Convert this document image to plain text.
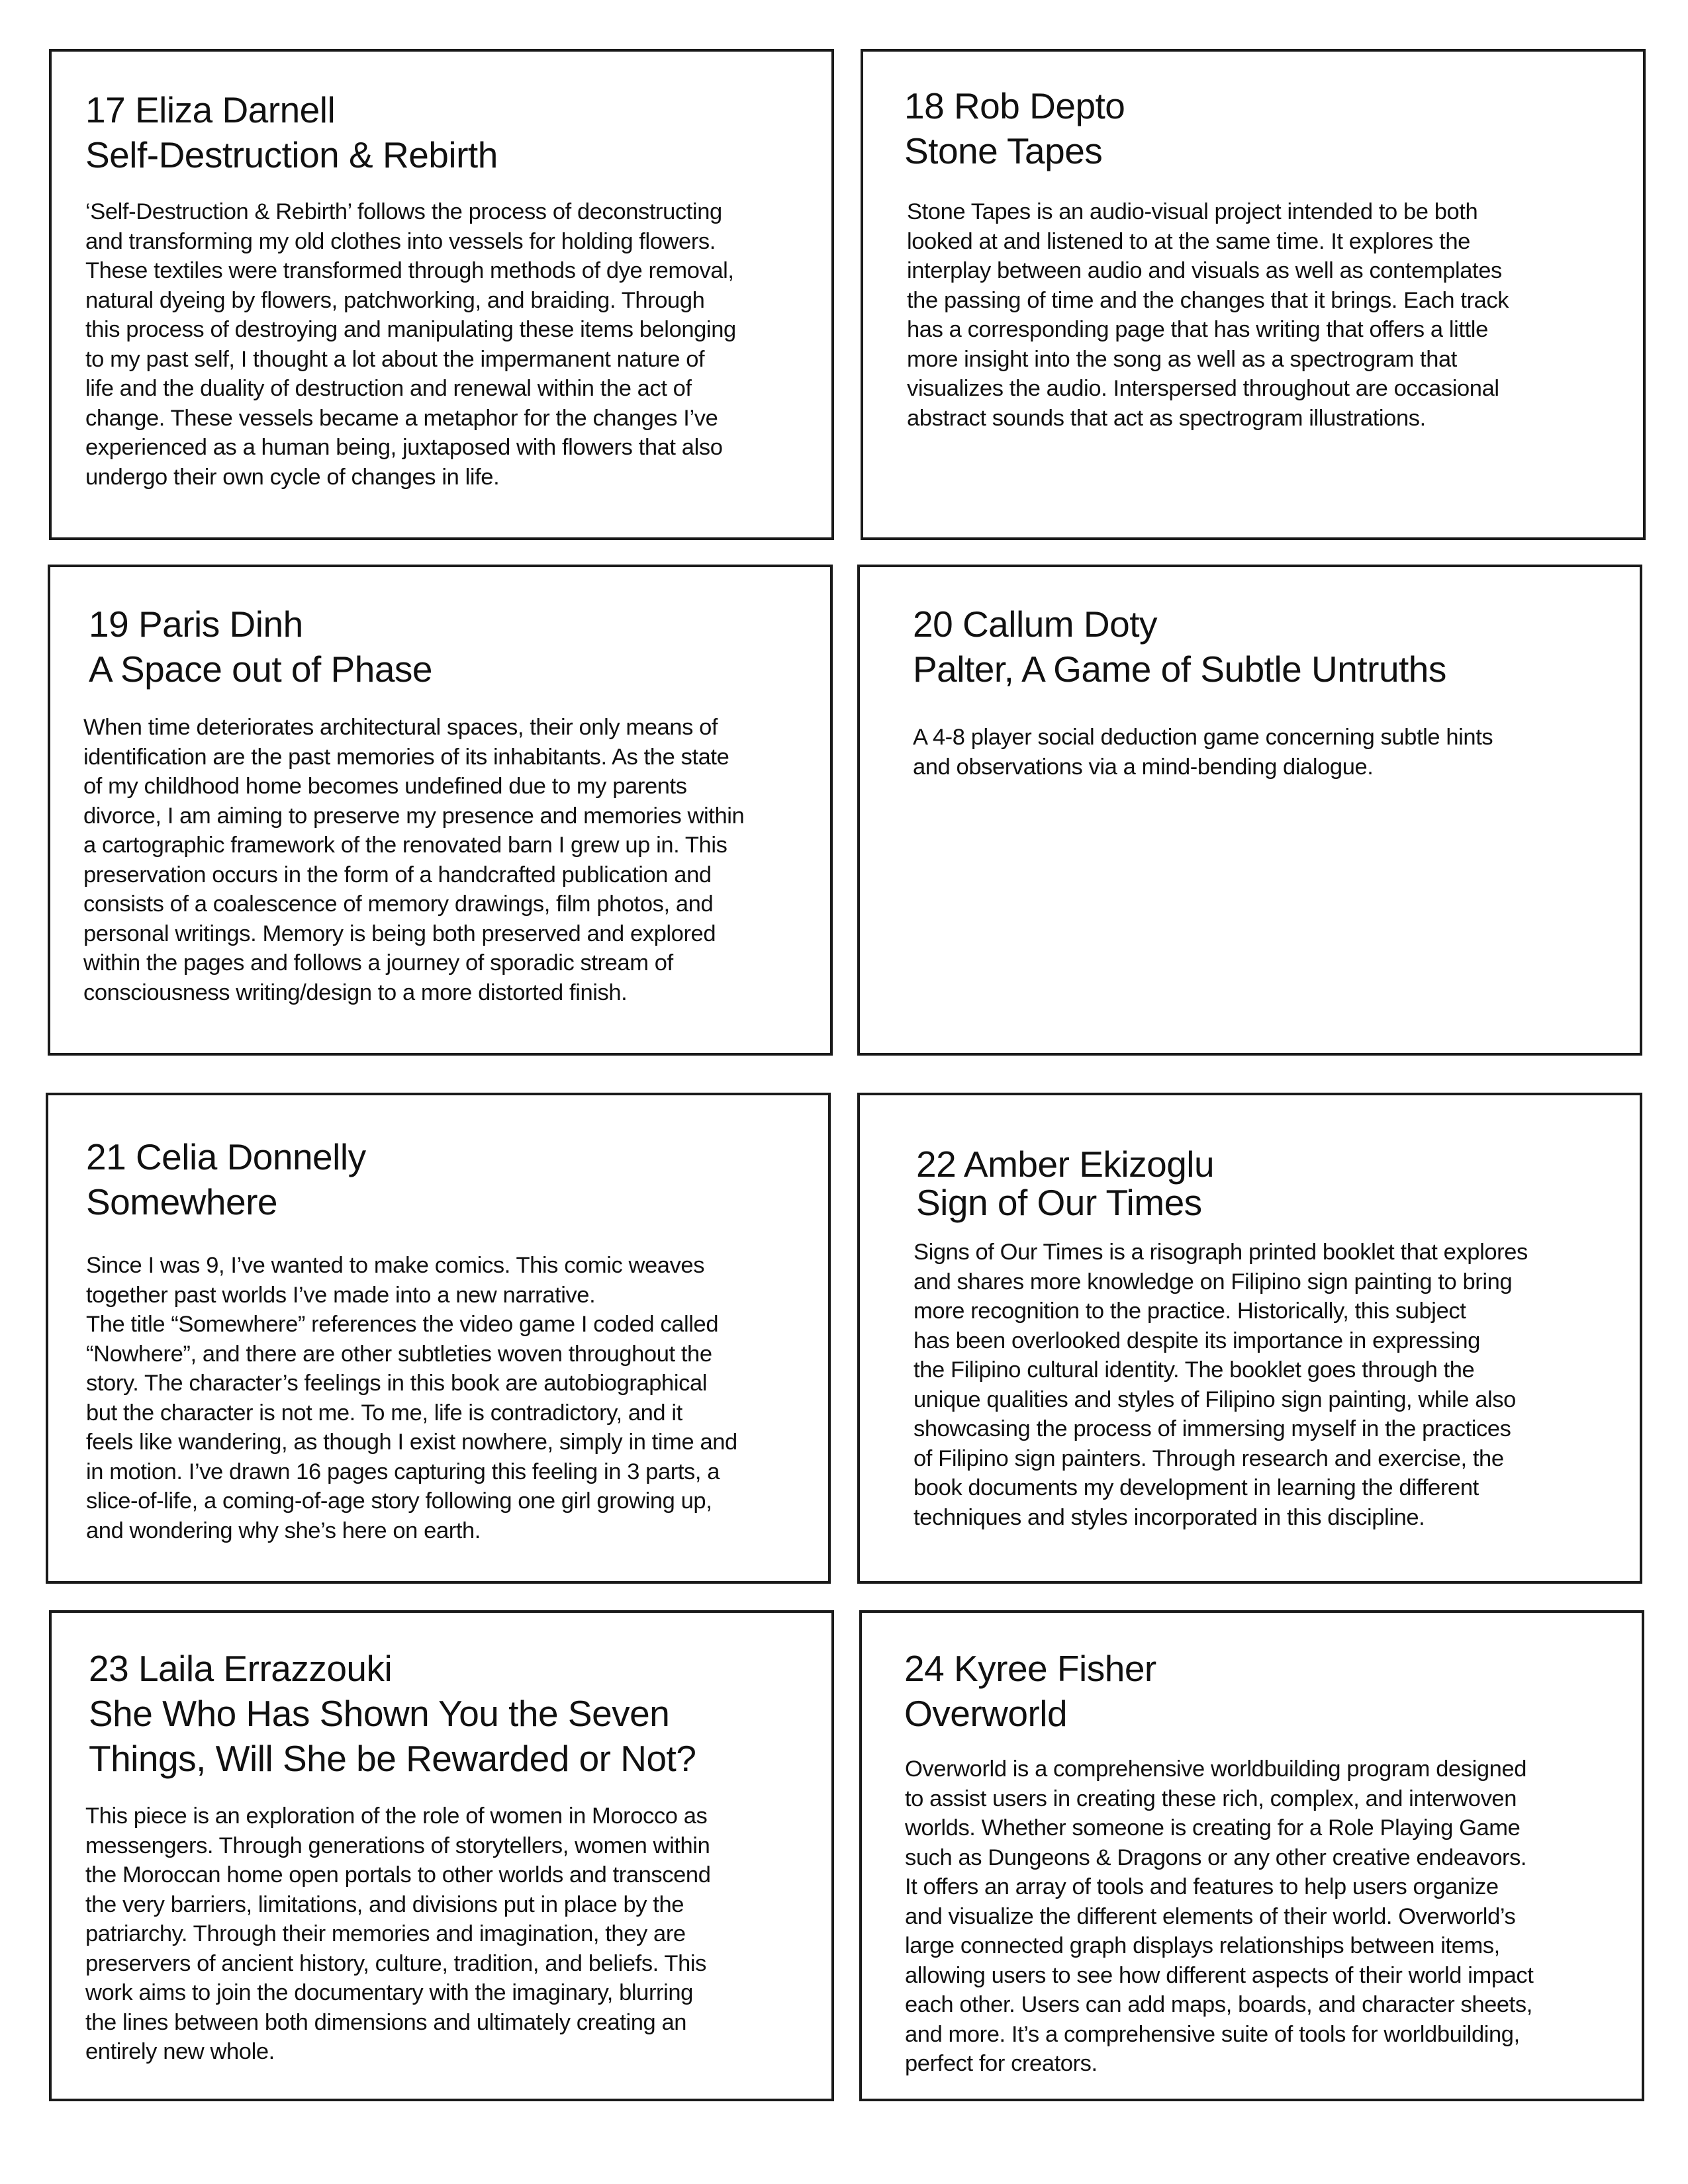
17 Eliza Darnell
Self-Destruction & Rebirth

‘Self-Destruction & Rebirth’ follows the process of deconstructing
and transforming my old clothes into vessels for holding flowers.
These textiles were transformed through methods of dye removal,
natural dyeing by flowers, patchworking, and braiding. Through
this process of destroying and manipulating these items belonging
to my past self, I thought a lot about the impermanent nature of
life and the duality of destruction and renewal within the act of
change. These vessels became a metaphor for the changes I’ve
experienced as a human being, juxtaposed with flowers that also
undergo their own cycle of changes in life.

18 Rob Depto
Stone Tapes

Stone Tapes is an audio-visual project intended to be both
looked at and listened to at the same time. It explores the
interplay between audio and visuals as well as contemplates
the passing of time and the changes that it brings. Each track
has a corresponding page that has writing that offers a little
more insight into the song as well as a spectrogram that
visualizes the audio. Interspersed throughout are occasional
abstract sounds that act as spectrogram illustrations.

19 Paris Dinh
A Space out of Phase

When time deteriorates architectural spaces, their only means of
identification are the past memories of its inhabitants. As the state
of my childhood home becomes undefined due to my parents
divorce, I am aiming to preserve my presence and memories within
a cartographic framework of the renovated barn I grew up in. This
preservation occurs in the form of a handcrafted publication and
consists of a coalescence of memory drawings, film photos, and
personal writings. Memory is being both preserved and explored
within the pages and follows a journey of sporadic stream of
consciousness writing/design to a more distorted finish.

20 Callum Doty
Palter, A Game of Subtle Untruths

A 4-8 player social deduction game concerning subtle hints
and observations via a mind-bending dialogue.

21 Celia Donnelly
Somewhere

Since I was 9, I’ve wanted to make comics. This comic weaves
together past worlds I’ve made into a new narrative.
The title “Somewhere” references the video game I coded called
“Nowhere”, and there are other subtleties woven throughout the
story. The character’s feelings in this book are autobiographical
but the character is not me. To me, life is contradictory, and it
feels like wandering, as though I exist nowhere, simply in time and
in motion. I’ve drawn 16 pages capturing this feeling in 3 parts, a
slice-of-life, a coming-of-age story following one girl growing up,
and wondering why she’s here on earth.

22 Amber Ekizoglu
Sign of Our Times

Signs of Our Times is a risograph printed booklet that explores
and shares more knowledge on Filipino sign painting to bring
more recognition to the practice. Historically, this subject
has been overlooked despite its importance in expressing
the Filipino cultural identity. The booklet goes through the
unique qualities and styles of Filipino sign painting, while also
showcasing the process of immersing myself in the practices
of Filipino sign painters. Through research and exercise, the
book documents my development in learning the different
techniques and styles incorporated in this discipline.

23 Laila Errazzouki
She Who Has Shown You the Seven
Things, Will She be Rewarded or Not?

This piece is an exploration of the role of women in Morocco as
messengers. Through generations of storytellers, women within
the Moroccan home open portals to other worlds and transcend
the very barriers, limitations, and divisions put in place by the
patriarchy. Through their memories and imagination, they are
preservers of ancient history, culture, tradition, and beliefs. This
work aims to join the documentary with the imaginary, blurring
the lines between both dimensions and ultimately creating an
entirely new whole.

24 Kyree Fisher
Overworld

Overworld is a comprehensive worldbuilding program designed
to assist users in creating these rich, complex, and interwoven
worlds. Whether someone is creating for a Role Playing Game
such as Dungeons & Dragons or any other creative endeavors.
It offers an array of tools and features to help users organize
and visualize the different elements of their world. Overworld’s
large connected graph displays relationships between items,
allowing users to see how different aspects of their world impact
each other. Users can add maps, boards, and character sheets,
and more. It’s a comprehensive suite of tools for worldbuilding,
perfect for creators.
